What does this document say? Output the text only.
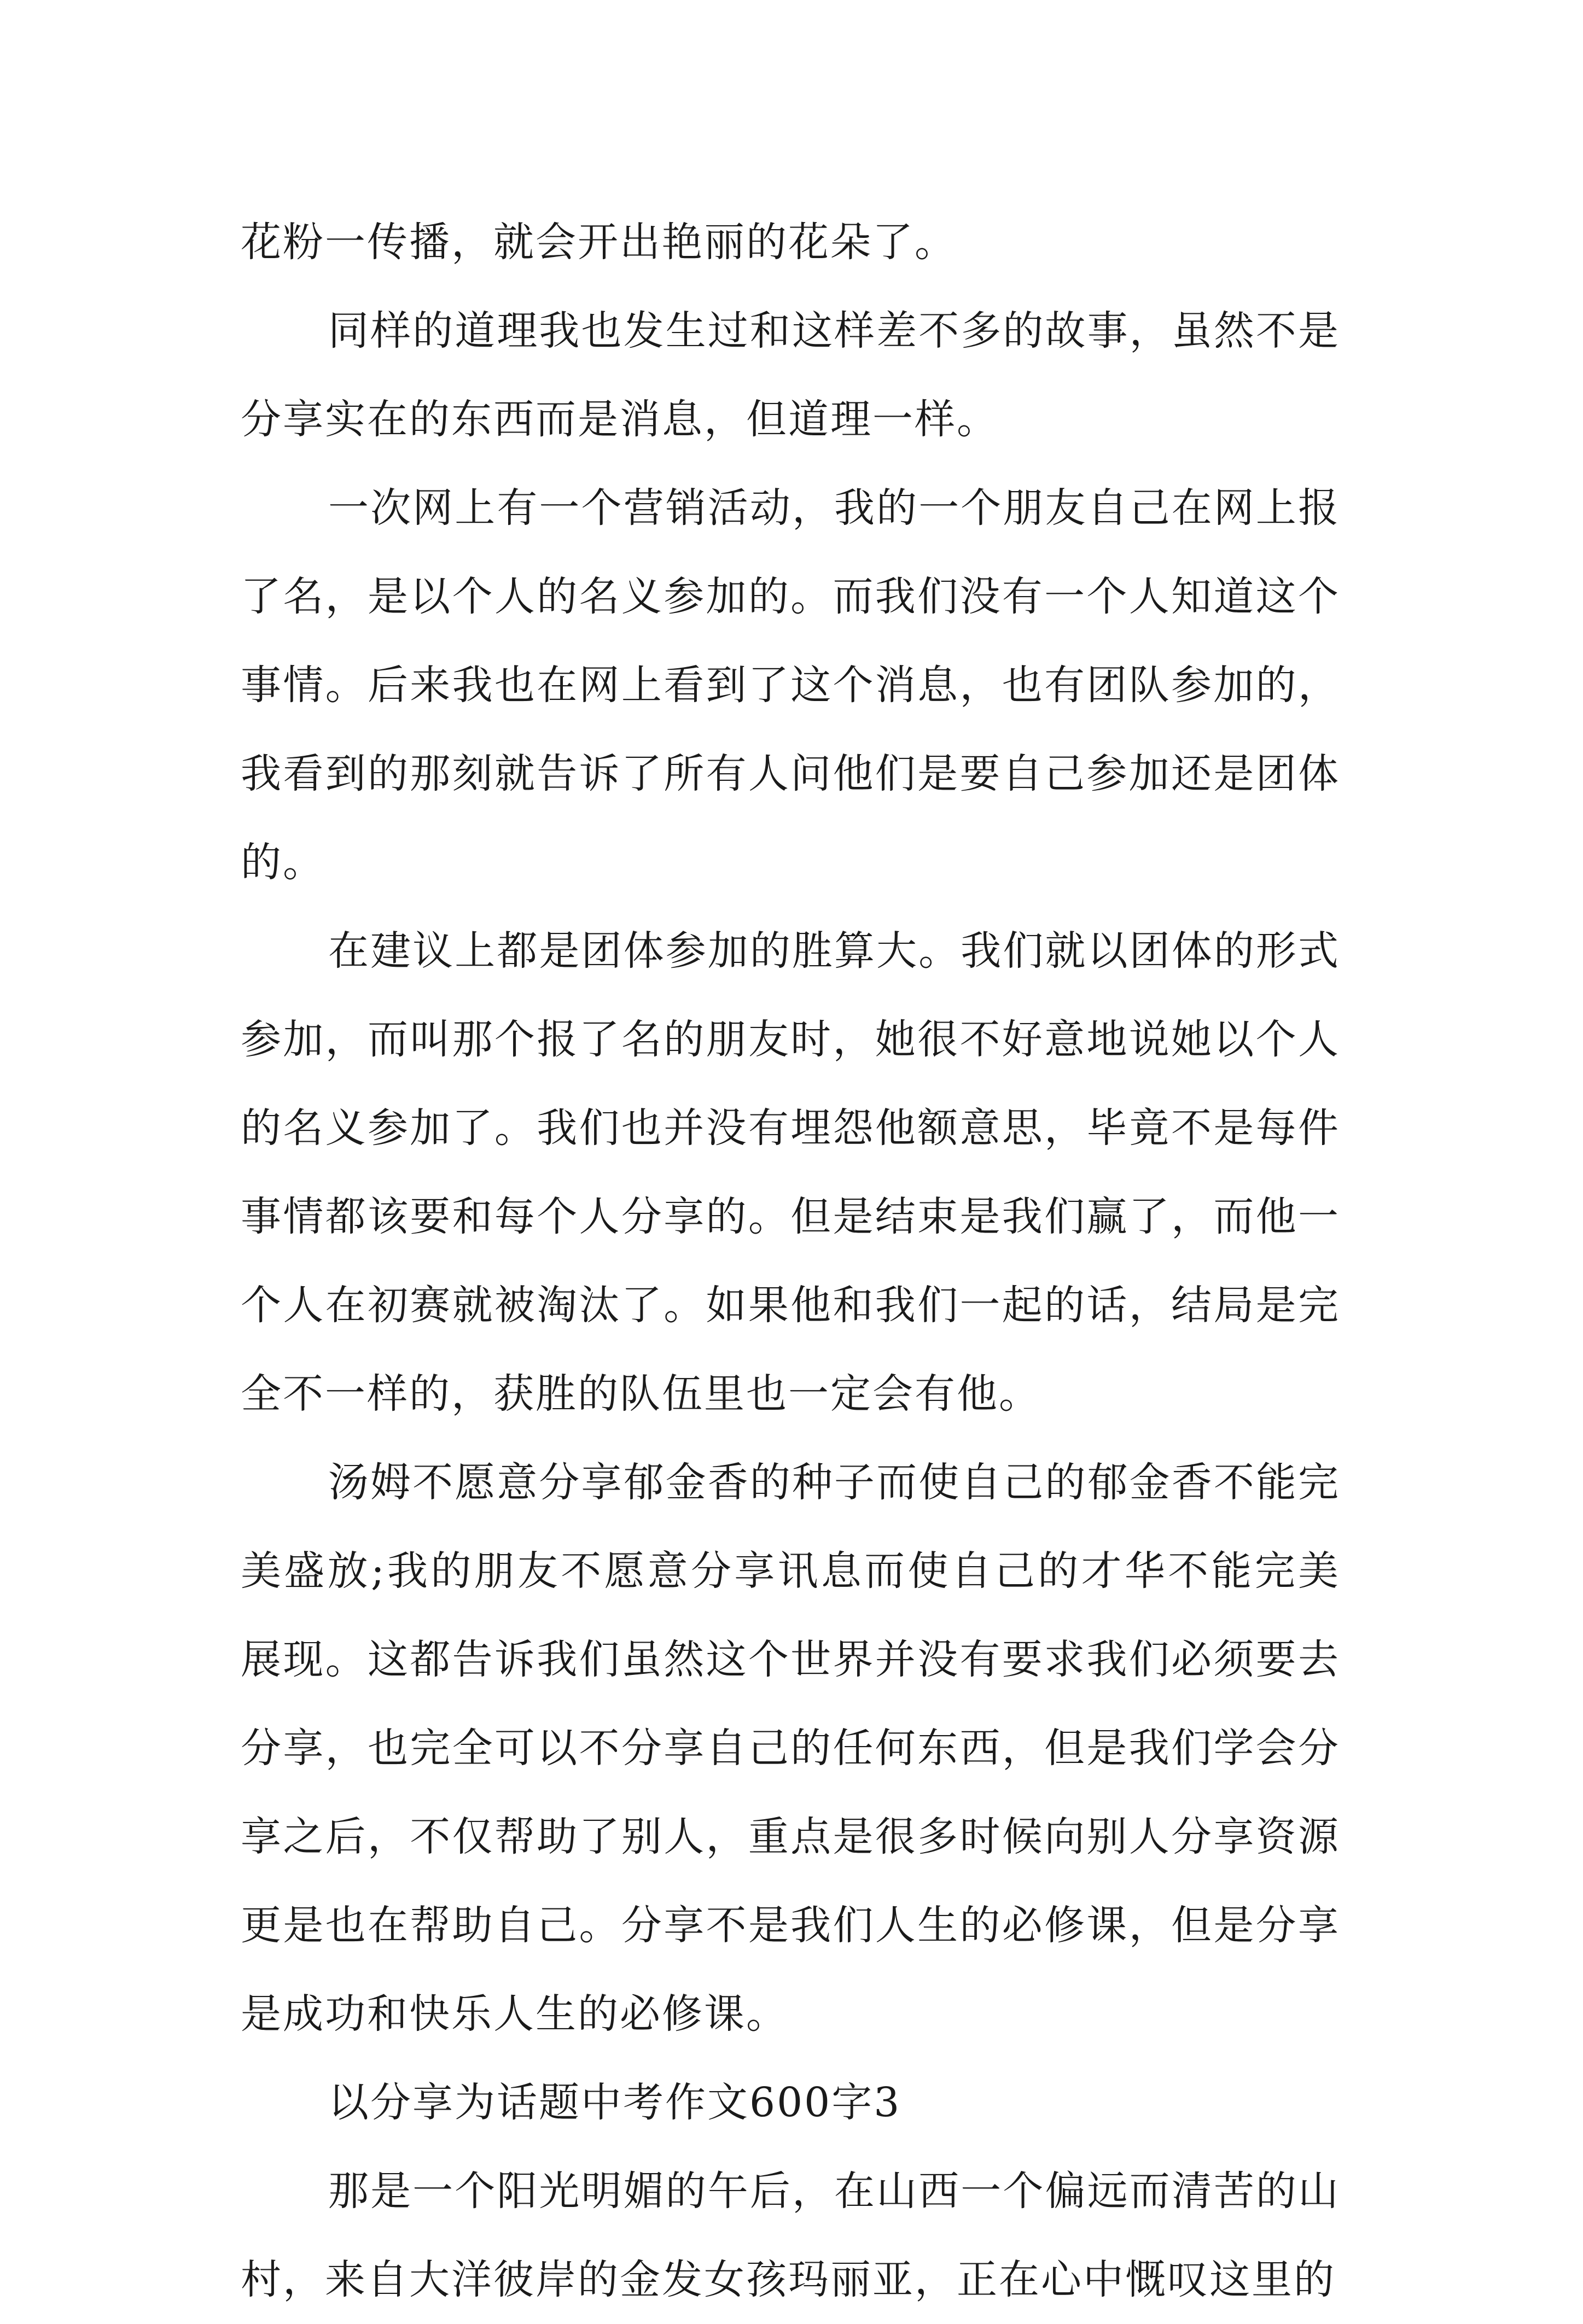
花粉一传播，就会开出艳丽的花朵了。

同样的道理我也发生过和这样差不多的故事，虽然不是分享实在的东西而是消息，但道理一样。

一次网上有一个营销活动，我的一个朋友自己在网上报了名，是以个人的名义参加的。而我们没有一个人知道这个事情。后来我也在网上看到了这个消息，也有团队参加的，我看到的那刻就告诉了所有人问他们是要自己参加还是团体的。

在建议上都是团体参加的胜算大。我们就以团体的形式参加，而叫那个报了名的朋友时，她很不好意地说她以个人的名义参加了。我们也并没有埋怨他额意思，毕竟不是每件事情都该要和每个人分享的。但是结束是我们赢了，而他一个人在初赛就被淘汰了。如果他和我们一起的话，结局是完全不一样的，获胜的队伍里也一定会有他。

汤姆不愿意分享郁金香的种子而使自己的郁金香不能完美盛放;我的朋友不愿意分享讯息而使自己的才华不能完美展现。这都告诉我们虽然这个世界并没有要求我们必须要去分享，也完全可以不分享自己的任何东西，但是我们学会分享之后，不仅帮助了别人，重点是很多时候向别人分享资源更是也在帮助自己。分享不是我们人生的必修课，但是分享是成功和快乐人生的必修课。

以分享为话题中考作文600字3

那是一个阳光明媚的午后，在山西一个偏远而清苦的山村，来自大洋彼岸的金发女孩玛丽亚，正在心中慨叹这里的
